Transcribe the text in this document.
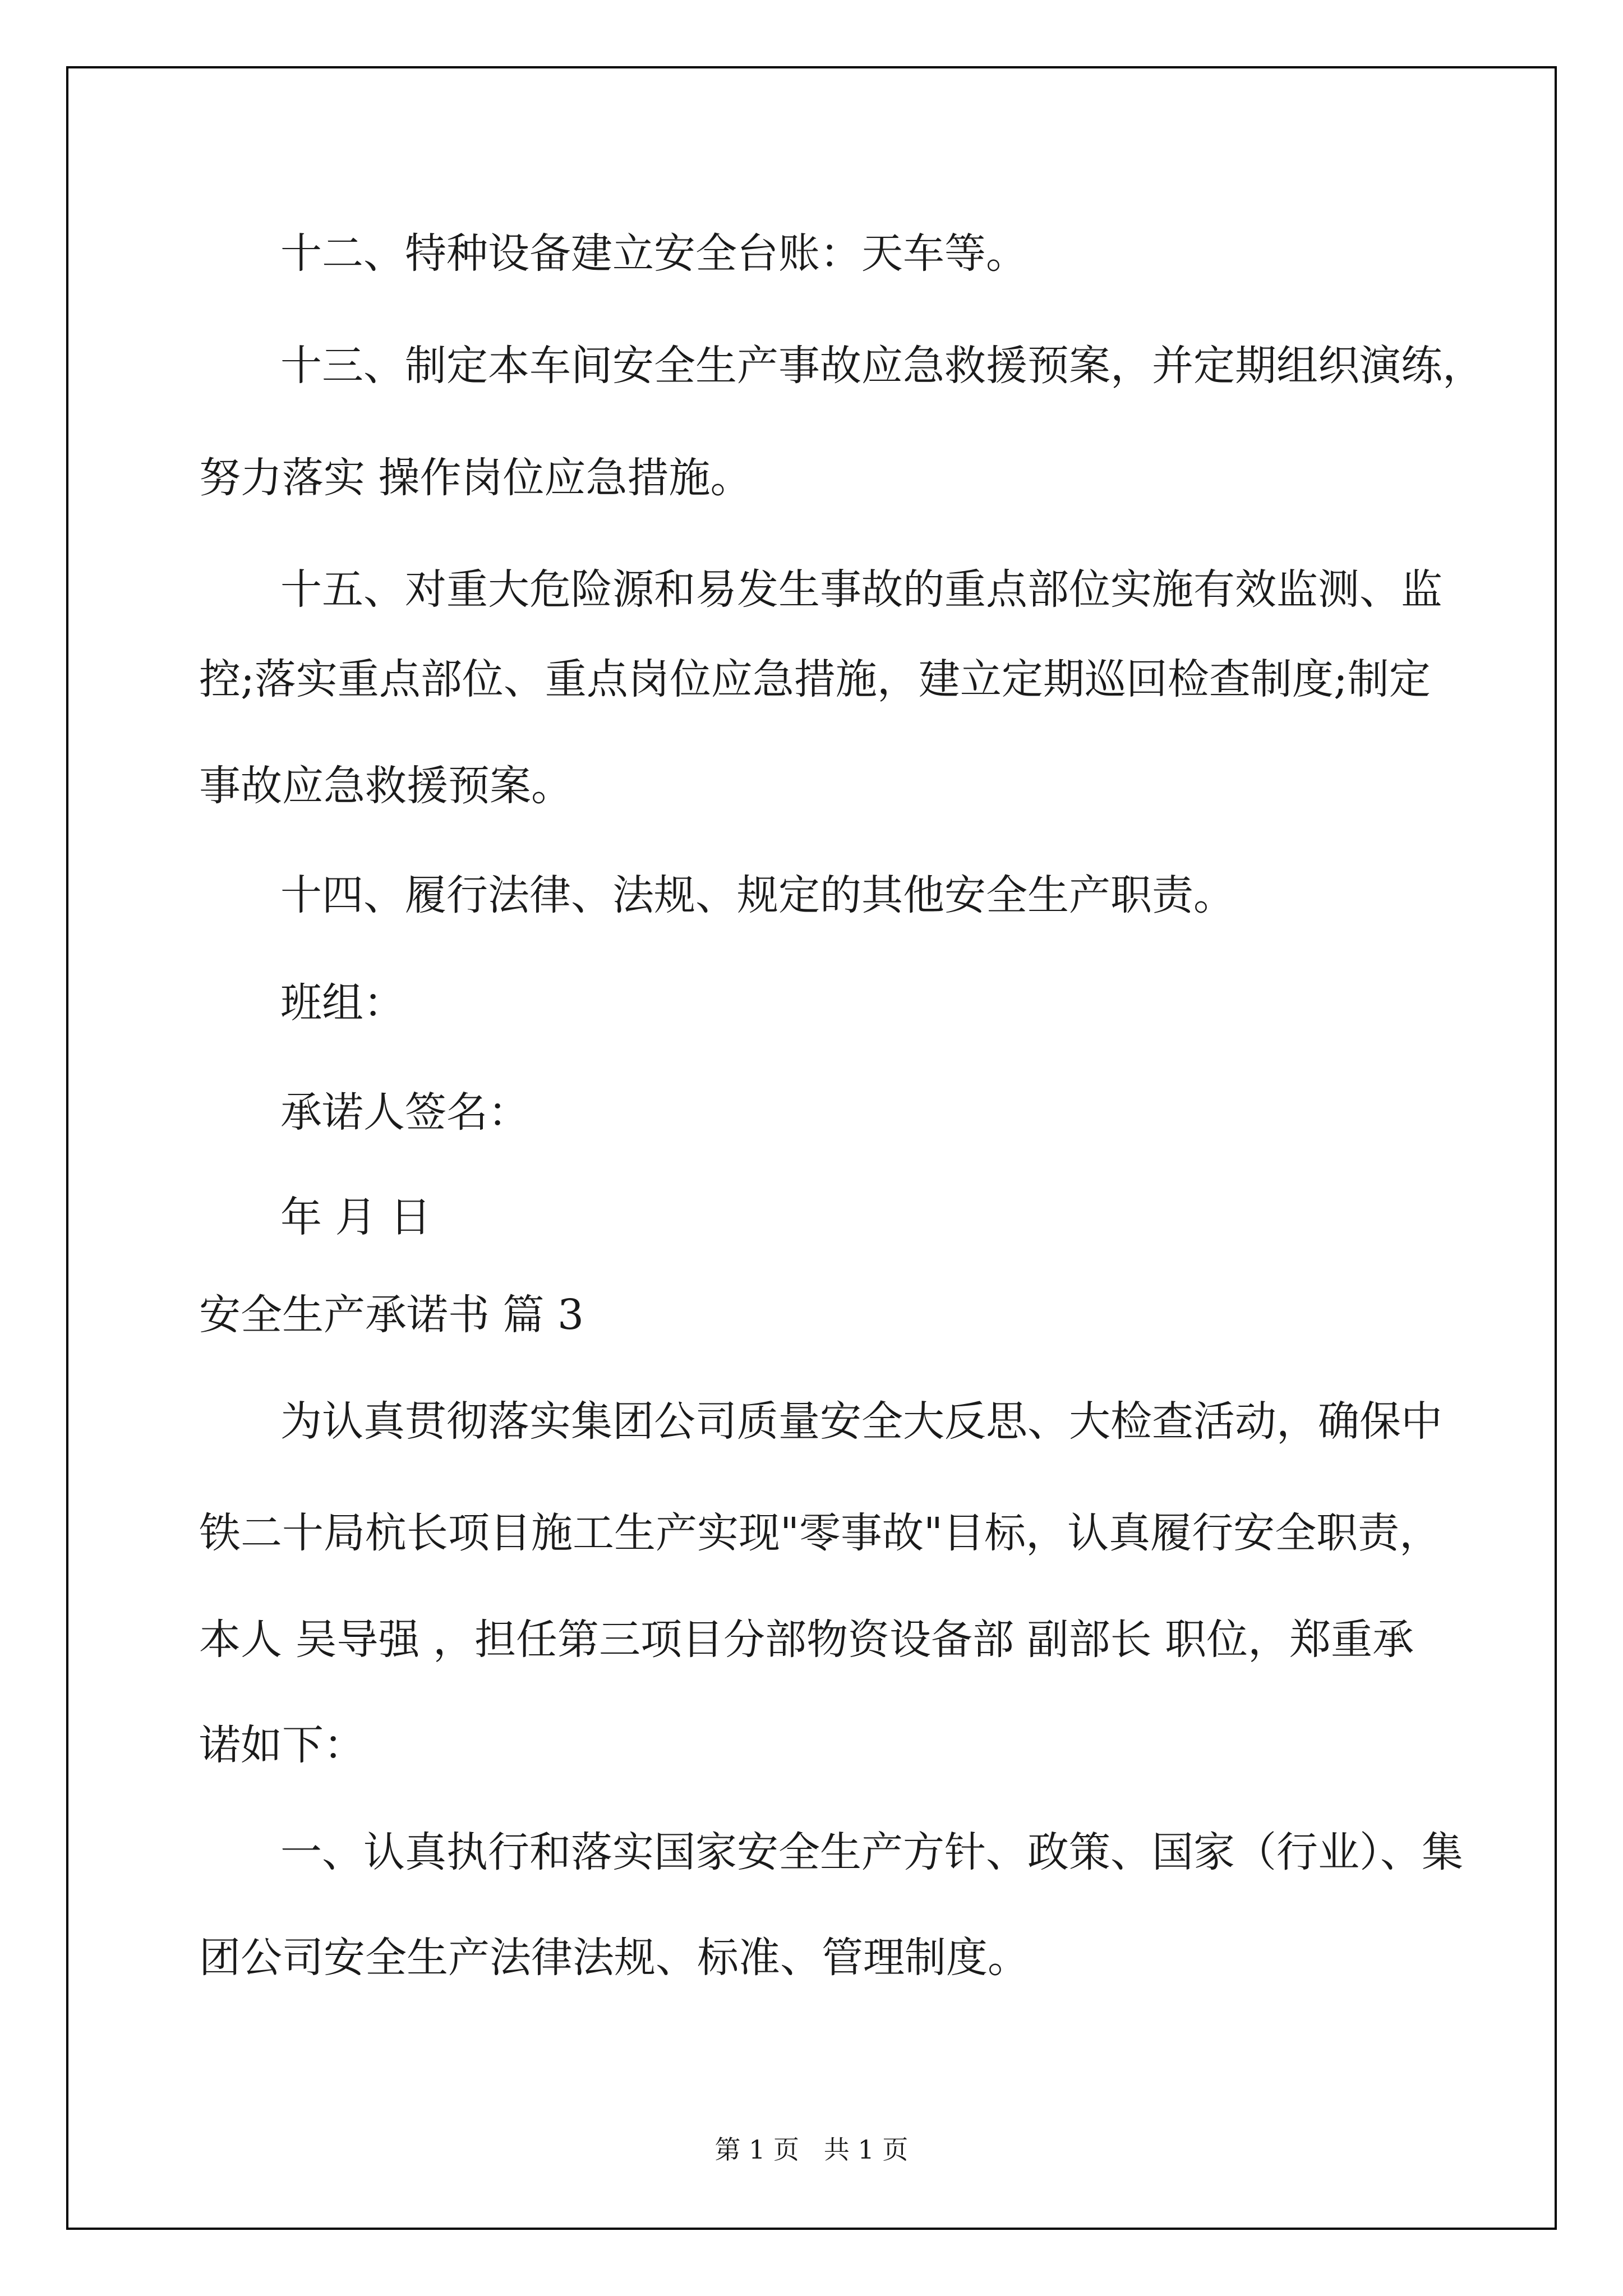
十二、特种设备建立安全台账：天车等。
十三、制定本车间安全生产事故应急救援预案，并定期组织演练，
努力落实 操作岗位应急措施。
十五、对重大危险源和易发生事故的重点部位实施有效监测、监
控;落实重点部位、重点岗位应急措施，建立定期巡回检查制度;制定
事故应急救援预案。
十四、履行法律、法规、规定的其他安全生产职责。
班组：
承诺人签名：
年 月 日
安全生产承诺书 篇 3
为认真贯彻落实集团公司质量安全大反思、大检查活动，确保中
铁二十局杭长项目施工生产实现"零事故"目标，认真履行安全职责，
本人 吴导强 ，担任第三项目分部物资设备部 副部长 职位，郑重承
诺如下：
一、认真执行和落实国家安全生产方针、政策、国家（行业）、集
团公司安全生产法律法规、标准、管理制度。
第 1 页   共 1 页
